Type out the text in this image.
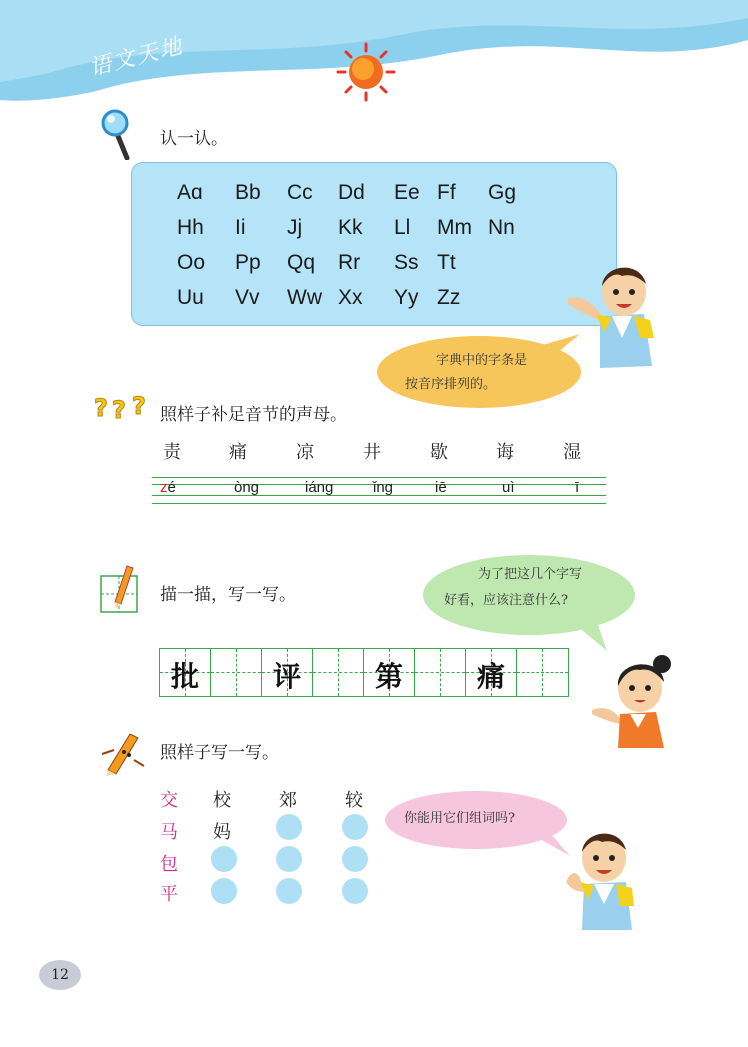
语文天地
认一认。
Aɑ Bb Cc Dd Ee Ff Gg
Hh Ii Jj Kk Ll Mm Nn
Oo Pp Qq Rr Ss Tt
Uu Vv Ww Xx Yy Zz
字典中的字条是
按音序排列的。
? ? ? 照样子补足音节的声母。
责	痛	凉	井	歇	诲	湿
zé	òng	iánɡ	ǐng	iē	uì	ī
描一描，写一写。
为了把这几个字写
好看，应该注意什么?
批	评	第	痛
照样子写一写。
交 校	郊	较
马 妈
包
平
你能用它们组词吗?
12
